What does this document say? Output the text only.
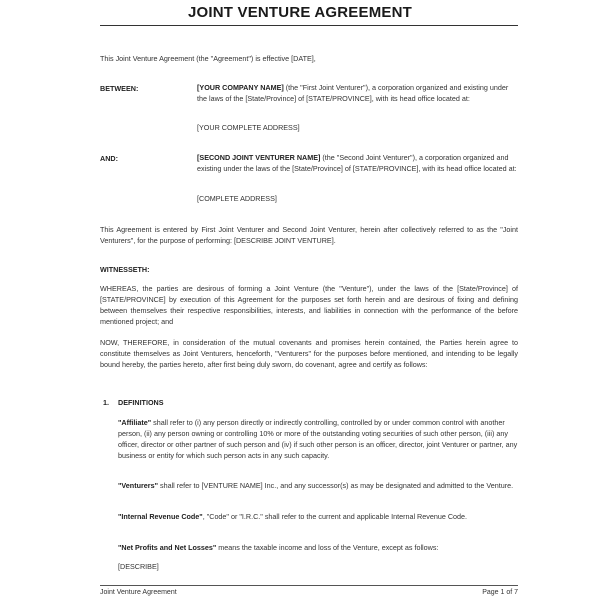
JOINT VENTURE AGREEMENT
This Joint Venture Agreement (the "Agreement") is effective [DATE],
BETWEEN:	[YOUR COMPANY NAME] (the "First Joint Venturer"), a corporation organized and existing under the laws of the [State/Province] of [STATE/PROVINCE], with its head office located at:
[YOUR COMPLETE ADDRESS]
AND:	[SECOND JOINT VENTURER NAME] (the "Second Joint Venturer"), a corporation organized and existing under the laws of the [State/Province] of [STATE/PROVINCE], with its head office located at:
[COMPLETE ADDRESS]
This Agreement is entered by First Joint Venturer and Second Joint Venturer, herein after collectively referred to as the "Joint Venturers", for the purpose of performing: [DESCRIBE JOINT VENTURE].
WITNESSETH:
WHEREAS, the parties are desirous of forming a Joint Venture (the "Venture"), under the laws of the [State/Province] of [STATE/PROVINCE] by execution of this Agreement for the purposes set forth herein and are desirous of fixing and defining between themselves their respective responsibilities, interests, and liabilities in connection with the performance of the before mentioned project; and
NOW, THEREFORE, in consideration of the mutual covenants and promises herein contained, the Parties herein agree to constitute themselves as Joint Venturers, henceforth, "Venturers" for the purposes before mentioned, and intending to be legally bound hereby, the parties hereto, after first being duly sworn, do covenant, agree and certify as follows:
1. DEFINITIONS
"Affiliate" shall refer to (i) any person directly or indirectly controlling, controlled by or under common control with another person, (ii) any person owning or controlling 10% or more of the outstanding voting securities of such other person, (iii) any officer, director or other partner of such person and (iv) if such other person is an officer, director, joint Venturer or partner, any business or entity for which such person acts in any such capacity.
"Venturers" shall refer to [VENTURE NAME] Inc., and any successor(s) as may be designated and admitted to the Venture.
"Internal Revenue Code", "Code" or "I.R.C." shall refer to the current and applicable Internal Revenue Code.
"Net Profits and Net Losses" means the taxable income and loss of the Venture, except as follows:
[DESCRIBE]
Joint Venture Agreement	Page 1 of 7
